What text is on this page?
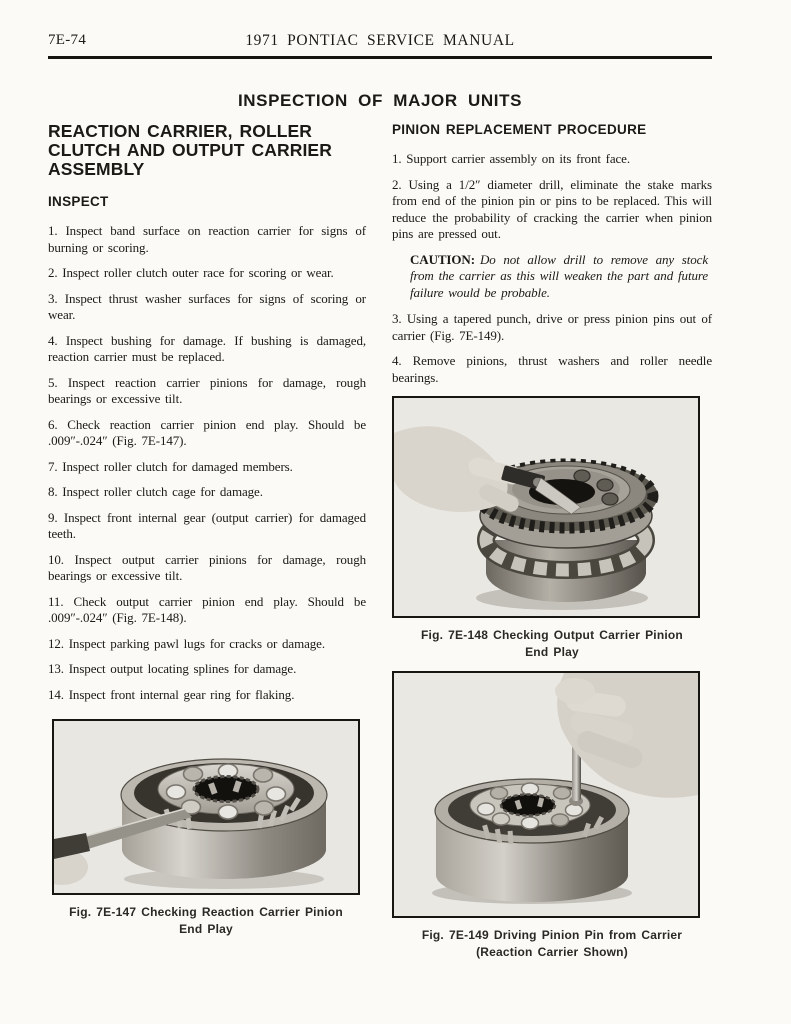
7E-74	1971 PONTIAC SERVICE MANUAL
INSPECTION OF MAJOR UNITS
REACTION CARRIER, ROLLER
CLUTCH AND OUTPUT CARRIER
ASSEMBLY
INSPECT

1. Inspect band surface on reaction carrier for signs of burning or scoring.

2. Inspect roller clutch outer race for scoring or wear.

3. Inspect thrust washer surfaces for signs of scoring or wear.

4. Inspect bushing for damage. If bushing is damaged, reaction carrier must be replaced.

5. Inspect reaction carrier pinions for damage, rough bearings or excessive tilt.

6. Check reaction carrier pinion end play. Should be .009″-.024″ (Fig. 7E-147).

7. Inspect roller clutch for damaged members.

8. Inspect roller clutch cage for damage.

9. Inspect front internal gear (output carrier) for damaged teeth.

10. Inspect output carrier pinions for damage, rough bearings or excessive tilt.

11. Check output carrier pinion end play. Should be .009″-.024″ (Fig. 7E-148).

12. Inspect parking pawl lugs for cracks or damage.

13. Inspect output locating splines for damage.

14. Inspect front internal gear ring for flaking.

Fig. 7E-147 Checking Reaction Carrier Pinion
End Play
PINION REPLACEMENT PROCEDURE

1. Support carrier assembly on its front face.

2. Using a 1/2″ diameter drill, eliminate the stake marks from end of the pinion pin or pins to be replaced. This will reduce the probability of cracking the carrier when pinion pins are pressed out.

CAUTION: Do not allow drill to remove any stock from the carrier as this will weaken the part and future failure would be probable.

3. Using a tapered punch, drive or press pinion pins out of carrier (Fig. 7E-149).

4. Remove pinions, thrust washers and roller needle bearings.

Fig. 7E-148 Checking Output Carrier Pinion
End Play
Fig. 7E-149 Driving Pinion Pin from Carrier
(Reaction Carrier Shown)
